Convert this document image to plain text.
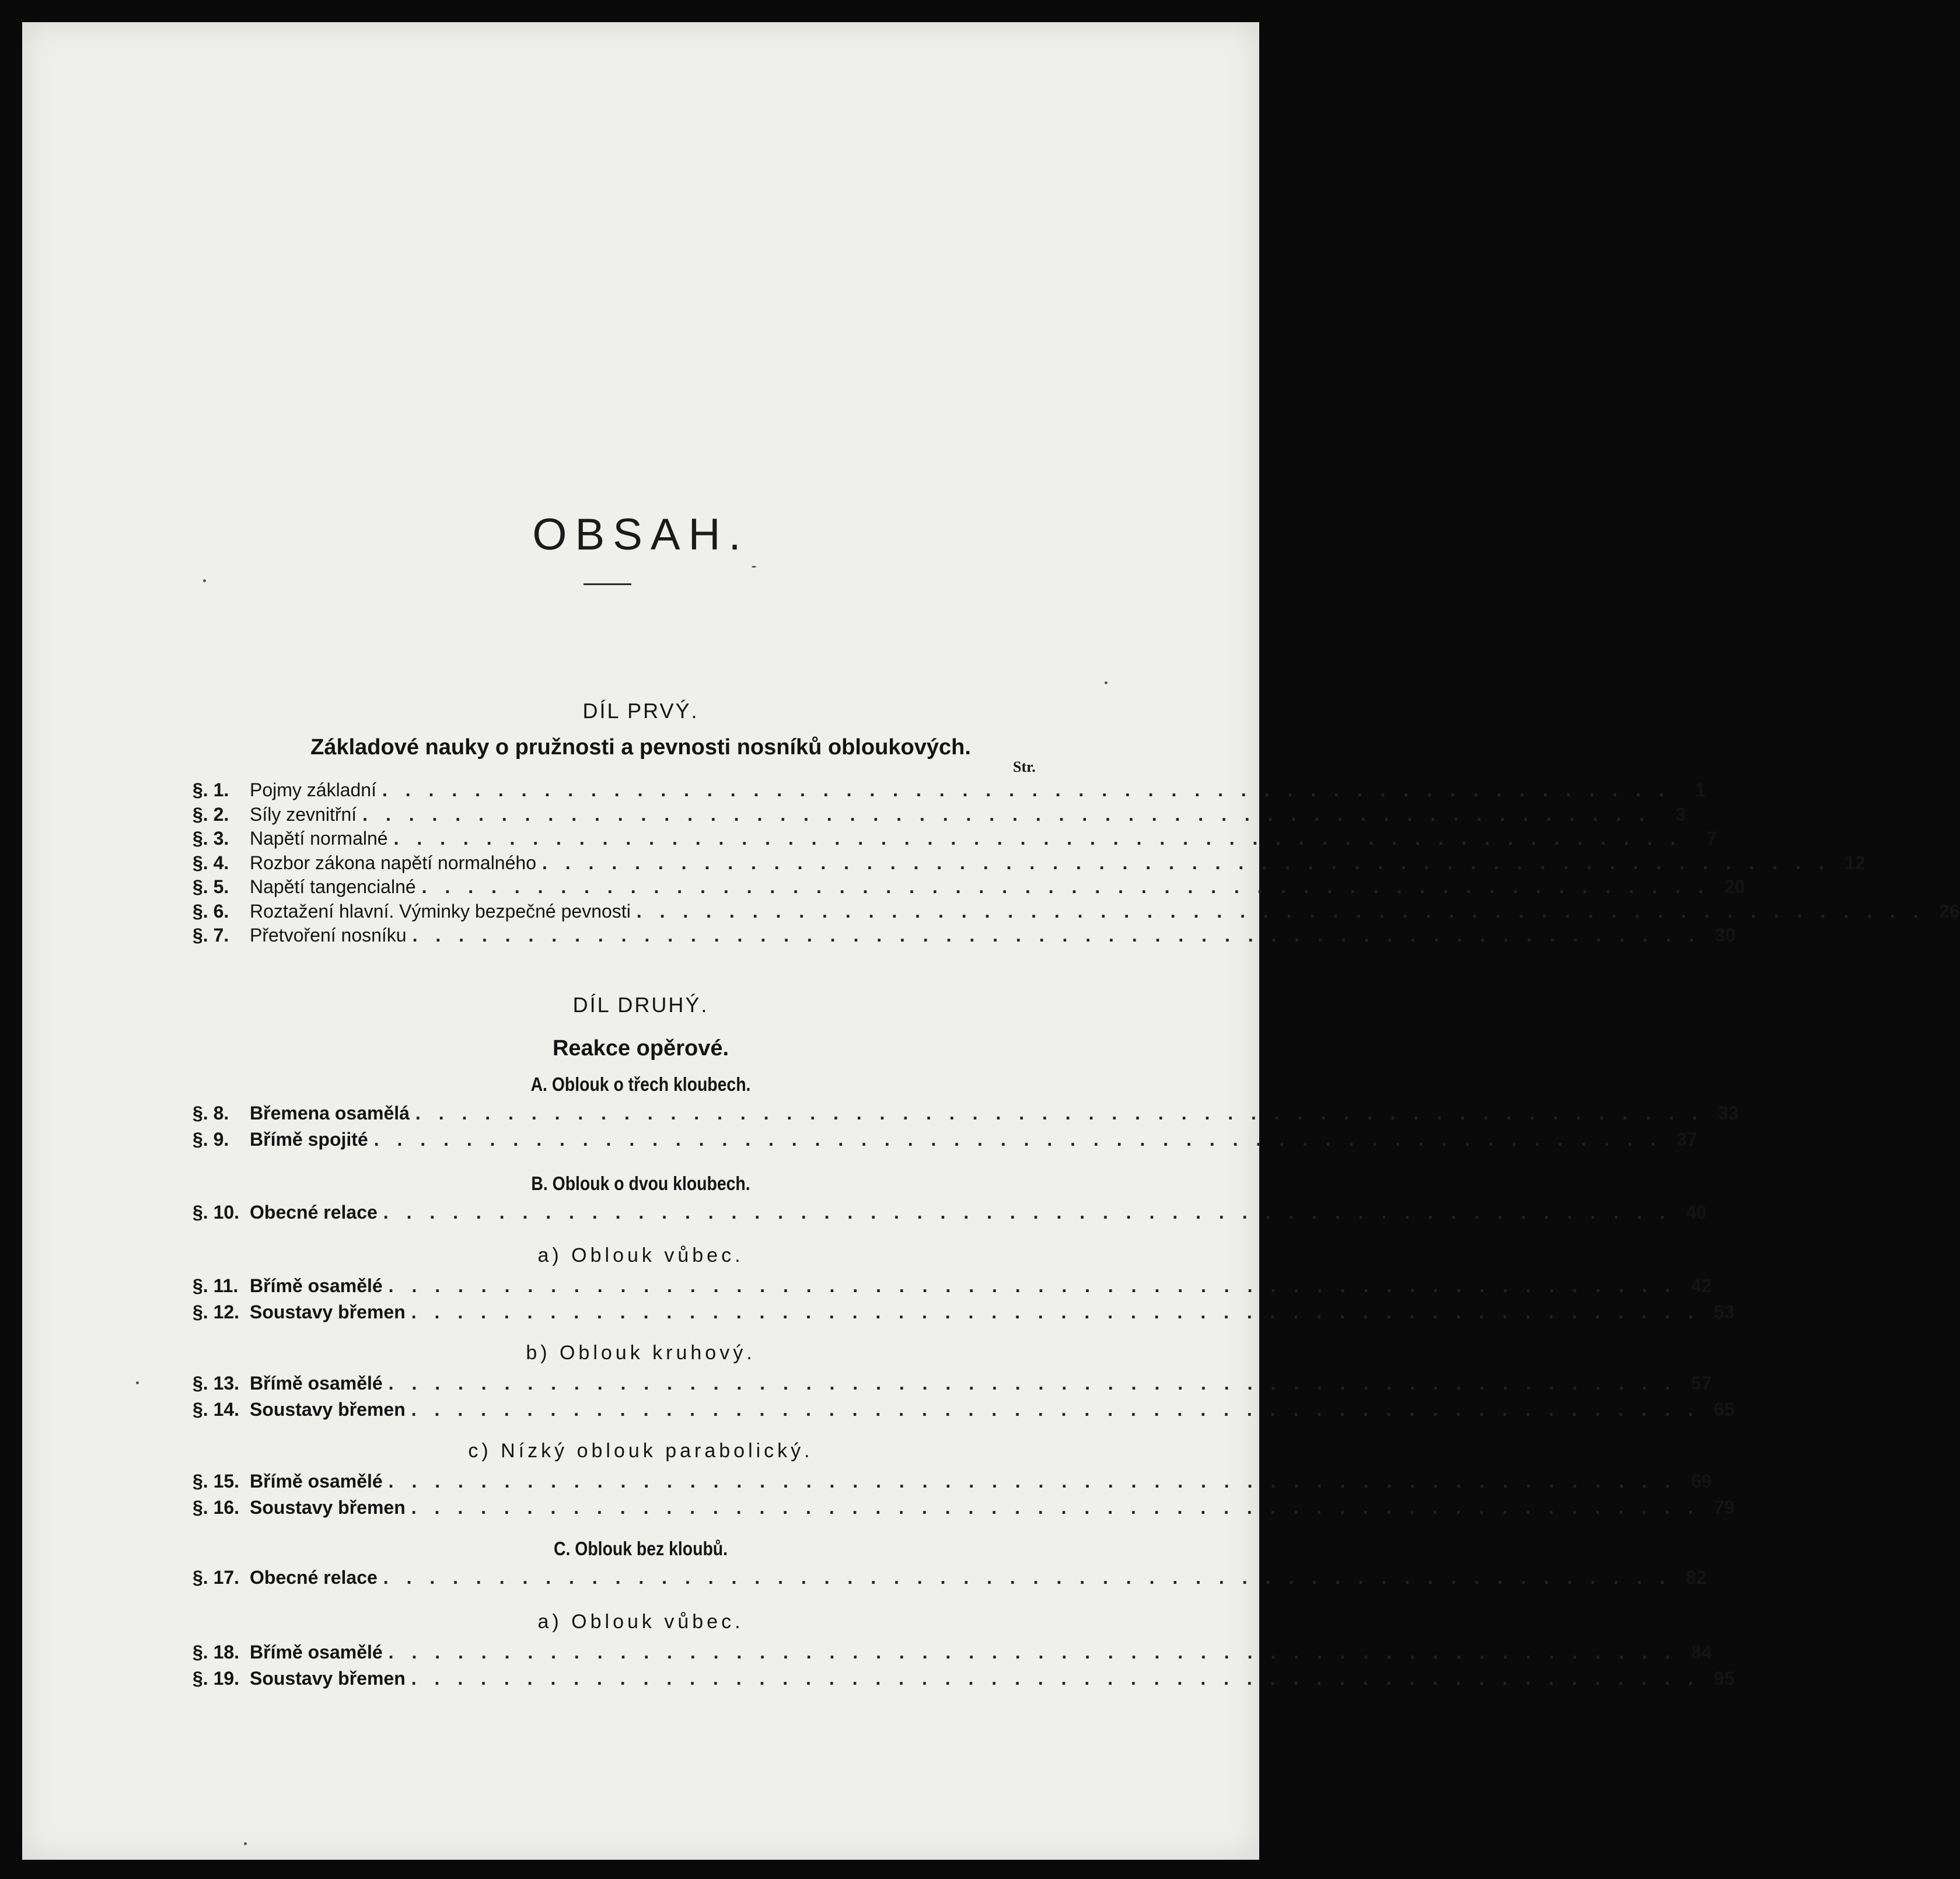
OBSAH.
DÍL PRVÝ.
Základové nauky o pružnosti a pevnosti nosníků obloukových.
Str.
§. 1.	Pojmy základní . . . . . . . . . . . . . . . . . . . . . . . . . . . . . . . . . . . . . . . . . . . . . . . . . . . . . . . .	1
§. 2.	Síly zevnitřní . . . . . . . . . . . . . . . . . . . . . . . . . . . . . . . . . . . . . . . . . . . . . . . . . . . . . . . .	3
§. 3.	Napětí normalné . . . . . . . . . . . . . . . . . . . . . . . . . . . . . . . . . . . . . . . . . . . . . . . . . . . . . . . .	7
§. 4.	Rozbor zákona napětí normalného . . . . . . . . . . . . . . . . . . . . . . . . . . . . . . . . . . . . . . . . . . . . . . . . . . . . . . . . 12
§. 5.	Napětí tangencialné . . . . . . . . . . . . . . . . . . . . . . . . . . . . . . . . . . . . . . . . . . . . . . . . . . . . . . . . 20
§. 6.	Roztažení hlavní. Výminky bezpečné pevnosti . . . . . . . . . . . . . . . . . . . . . . . . . . . . . . . . . . . . . . . . . . . . . . . . . . . . . . . . 26
§. 7.	Přetvoření nosníku . . . . . . . . . . . . . . . . . . . . . . . . . . . . . . . . . . . . . . . . . . . . . . . . . . . . . . . . 30
DÍL DRUHÝ.
Reakce opěrové.
A. Oblouk o třech kloubech.
§. 8.	Břemena osamělá . . . . . . . . . . . . . . . . . . . . . . . . . . . . . . . . . . . . . . . . . . . . . . . . . . . . . . . . 33
§. 9.	Břímě spojité . . . . . . . . . . . . . . . . . . . . . . . . . . . . . . . . . . . . . . . . . . . . . . . . . . . . . . . . 37
B. Oblouk o dvou kloubech.
§. 10. Obecné relace . . . . . . . . . . . . . . . . . . . . . . . . . . . . . . . . . . . . . . . . . . . . . . . . . . . . . . . . 40
a) Oblouk vůbec.
§. 11. Břímě osamělé . . . . . . . . . . . . . . . . . . . . . . . . . . . . . . . . . . . . . . . . . . . . . . . . . . . . . . . . 42
§. 12. Soustavy břemen . . . . . . . . . . . . . . . . . . . . . . . . . . . . . . . . . . . . . . . . . . . . . . . . . . . . . . . . 53
b) Oblouk kruhový.
§. 13. Břímě osamělé . . . . . . . . . . . . . . . . . . . . . . . . . . . . . . . . . . . . . . . . . . . . . . . . . . . . . . . . 57
§. 14. Soustavy břemen . . . . . . . . . . . . . . . . . . . . . . . . . . . . . . . . . . . . . . . . . . . . . . . . . . . . . . . . 65
c) Nízký oblouk parabolický.
§. 15. Břímě osamělé . . . . . . . . . . . . . . . . . . . . . . . . . . . . . . . . . . . . . . . . . . . . . . . . . . . . . . . . 69
§. 16. Soustavy břemen . . . . . . . . . . . . . . . . . . . . . . . . . . . . . . . . . . . . . . . . . . . . . . . . . . . . . . . . 79
C. Oblouk bez kloubů.
§. 17. Obecné relace . . . . . . . . . . . . . . . . . . . . . . . . . . . . . . . . . . . . . . . . . . . . . . . . . . . . . . . . 82
a) Oblouk vůbec.
§. 18. Břímě osamělé . . . . . . . . . . . . . . . . . . . . . . . . . . . . . . . . . . . . . . . . . . . . . . . . . . . . . . . . 84
§. 19. Soustavy břemen . . . . . . . . . . . . . . . . . . . . . . . . . . . . . . . . . . . . . . . . . . . . . . . . . . . . . . . . 95
